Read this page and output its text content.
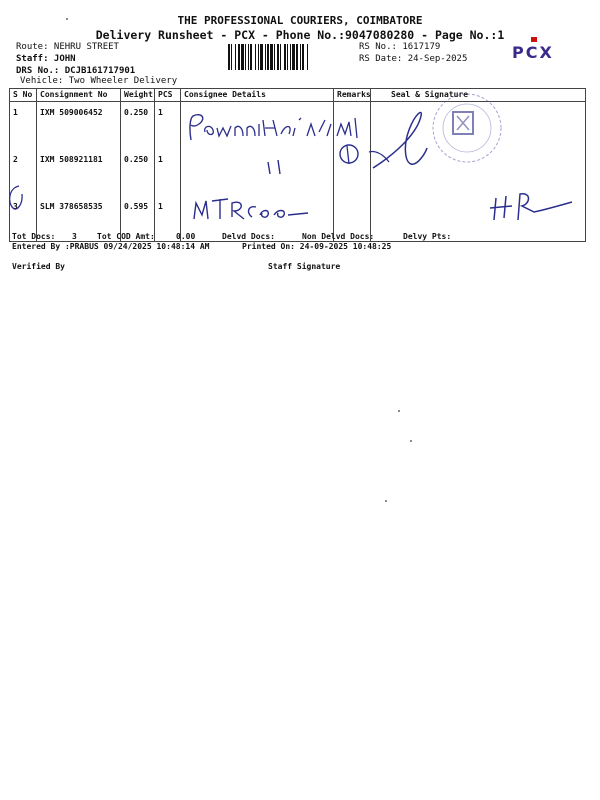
THE PROFESSIONAL COURIERS, COIMBATORE
Delivery Runsheet - PCX - Phone No.:9047080280 - Page No.:1
PCX
Route: NEHRU STREET
Staff: JOHN
DRS No.: DCJB161717901
Vehicle: Two Wheeler Delivery
RS No.: 1617179
RS Date: 24-Sep-2025
S No	Consignment No	Weight	PCS	Consignee Details	Remarks	Seal & Signature
1	IXM 509006452	0.250	1			
2	IXM 508921181	0.250	1			
3	SLM 378658535	0.595	1			
Tot Docs: 3	Tot COD Amt:	0.00	Delvd Docs:	Non Delvd Docs:	Delvy Pts:
Entered By :PRABUS 09/24/2025 10:48:14 AM	Printed On: 24-09-2025 10:48:25
Verified By	Staff Signature
